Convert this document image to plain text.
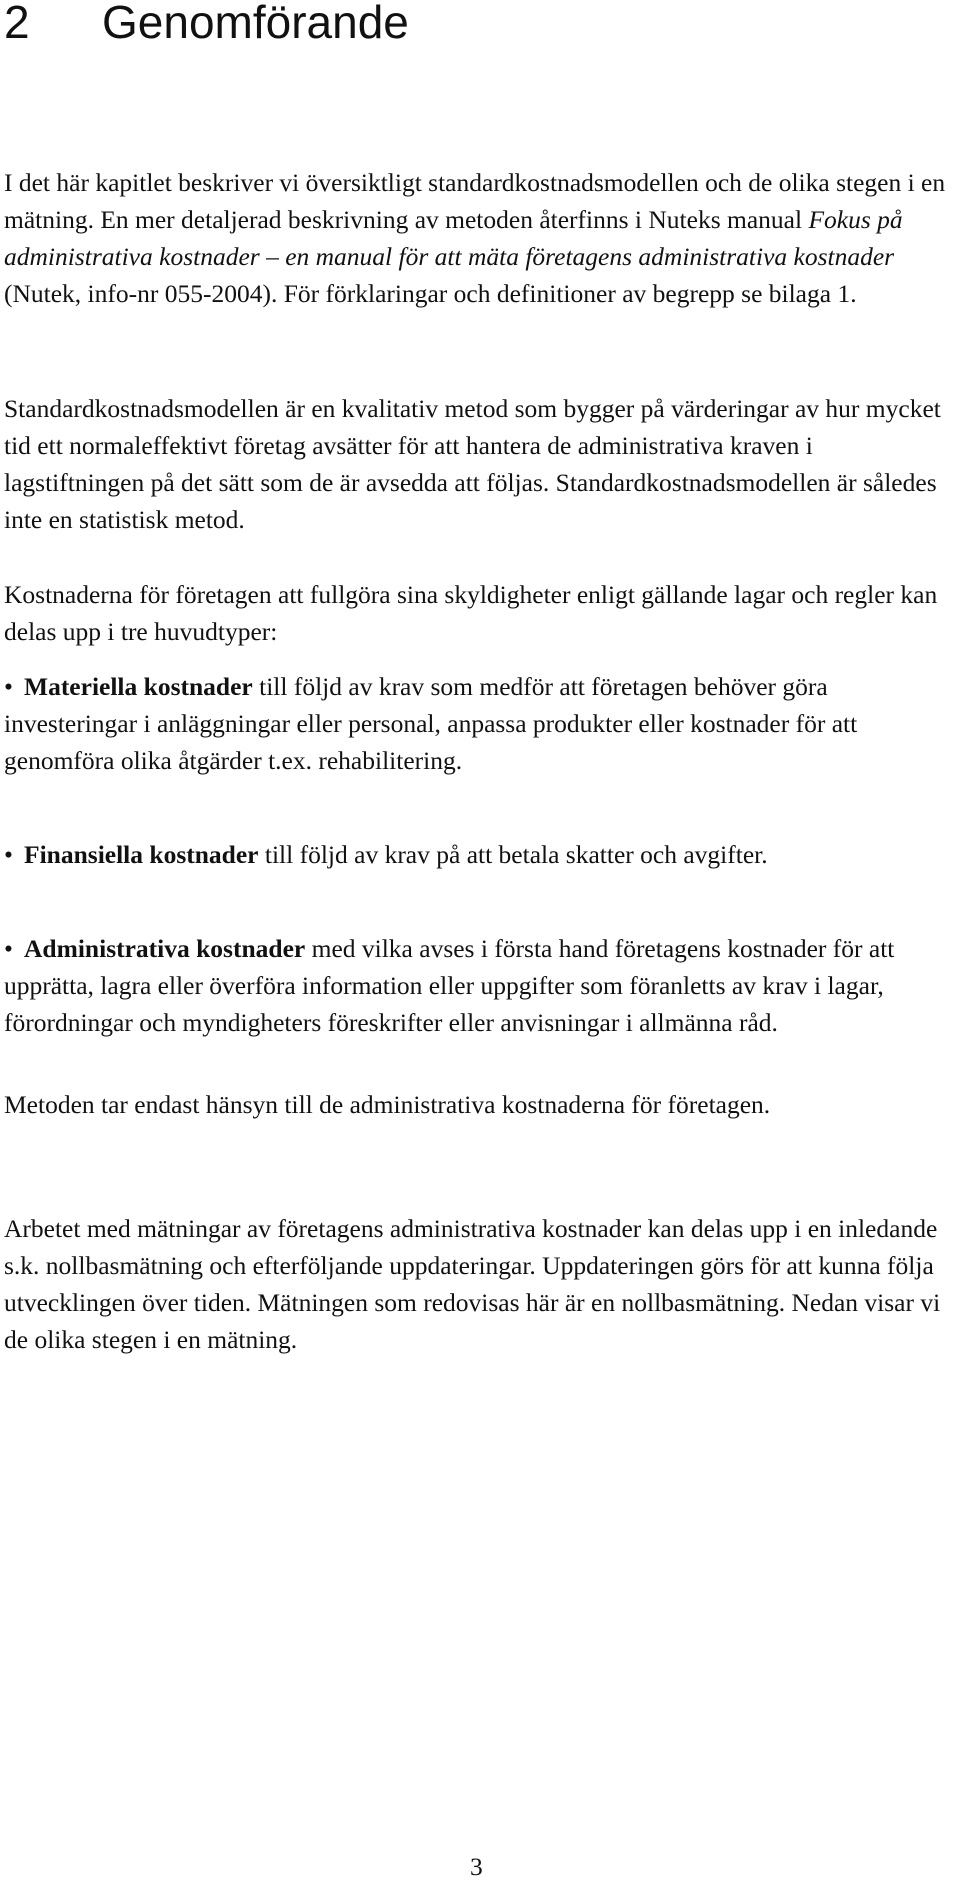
2 Genomförande

I det här kapitlet beskriver vi översiktligt standardkostnadsmodellen och de olika stegen i en mätning. En mer detaljerad beskrivning av metoden återfinns i Nuteks manual Fokus på administrativa kostnader – en manual för att mäta företagens administrativa kostnader (Nutek, info-nr 055-2004). För förklaringar och definitioner av begrepp se bilaga 1.

Standardkostnadsmodellen är en kvalitativ metod som bygger på värderingar av hur mycket tid ett normaleffektivt företag avsätter för att hantera de administrativa kraven i lagstiftningen på det sätt som de är avsedda att följas. Standardkostnadsmodellen är således inte en statistisk metod.

Kostnaderna för företagen att fullgöra sina skyldigheter enligt gällande lagar och regler kan delas upp i tre huvudtyper:

• Materiella kostnader till följd av krav som medför att företagen behöver göra investeringar i anläggningar eller personal, anpassa produkter eller kostnader för att genomföra olika åtgärder t.ex. rehabilitering.

• Finansiella kostnader till följd av krav på att betala skatter och avgifter.

• Administrativa kostnader med vilka avses i första hand företagens kostnader för att upprätta, lagra eller överföra information eller uppgifter som föranletts av krav i lagar, förordningar och myndigheters föreskrifter eller anvisningar i allmänna råd.

Metoden tar endast hänsyn till de administrativa kostnaderna för företagen.

Arbetet med mätningar av företagens administrativa kostnader kan delas upp i en inledande s.k. nollbasmätning och efterföljande uppdateringar. Uppdateringen görs för att kunna följa utvecklingen över tiden. Mätningen som redovisas här är en nollbasmätning. Nedan visar vi de olika stegen i en mätning.

3
